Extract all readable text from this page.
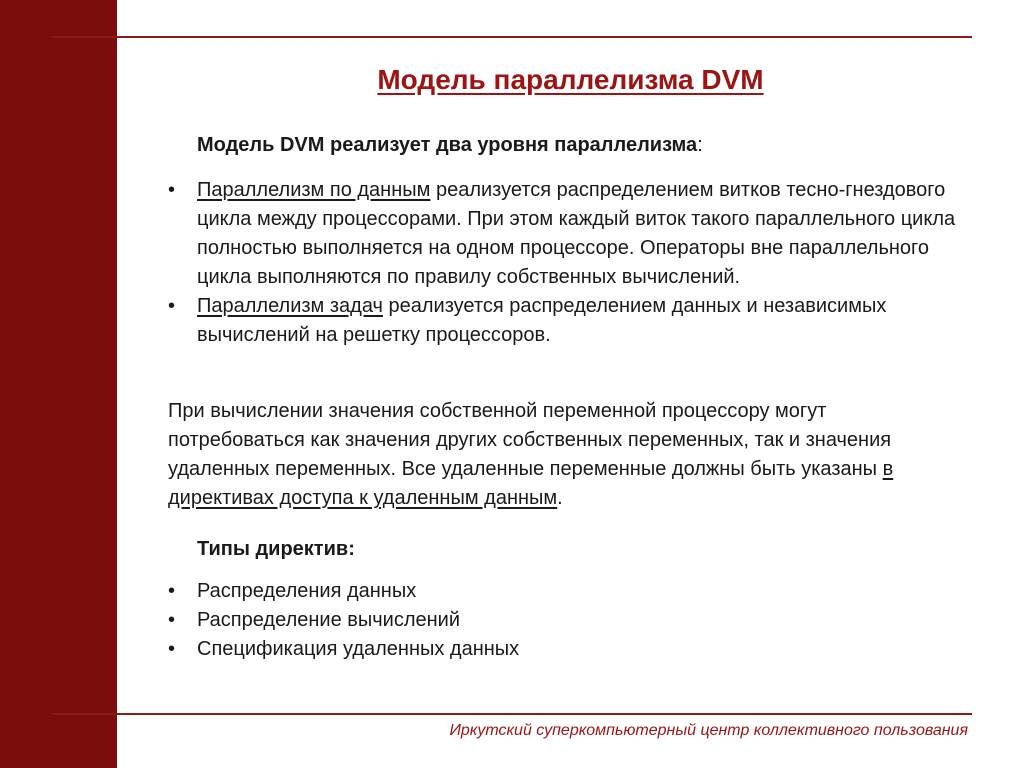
Модель параллелизма DVM
Модель DVM реализует два уровня параллелизма:
• Параллелизм по данным реализуется распределением витков тесно-гнездового цикла между процессорами. При этом каждый виток такого параллельного цикла полностью выполняется на одном процессоре. Операторы вне параллельного цикла выполняются по правилу собственных вычислений.
• Параллелизм задач реализуется распределением данных и независимых вычислений на решетку процессоров.
При вычислении значения собственной переменной процессору могут потребоваться как значения других собственных переменных, так и значения удаленных переменных. Все удаленные переменные должны быть указаны в директивах доступа к удаленным данным.
Типы директив:
• Распределения данных
• Распределение вычислений
• Спецификация удаленных данных
Иркутский суперкомпьютерный центр коллективного пользования
